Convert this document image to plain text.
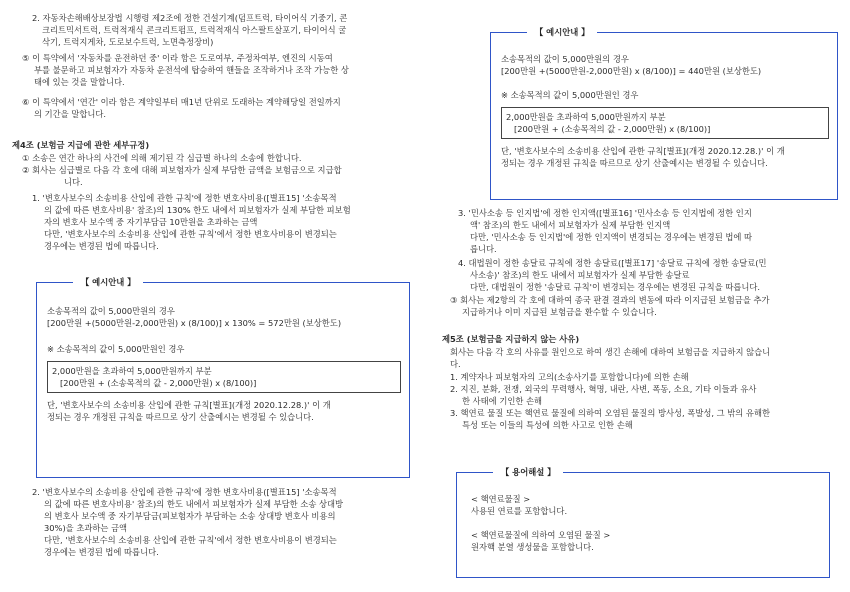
2. 자동차손해배상보장법 시행령 제2조에 정한 건설기계(덤프트럭, 타이어식 기중기, 콘

크리트믹서트럭, 트럭적재식 콘크리트펌프, 트럭적재식 아스팔트살포기, 타이어식 굴

삭기, 트럭지게차, 도로보수트럭, 노면측정장비)

⑤ 이 특약에서 '자동차를 운전하던 중' 이라 함은 도로여부, 주정차여부, 엔진의 시동여

부를 불문하고 피보험자가 자동차 운전석에 탑승하여 핸들을 조작하거나 조작 가능한 상

태에 있는 것을 말합니다.

⑥ 이 특약에서 '연간' 이라 함은 계약일부터 매1년 단위로 도래하는 계약해당일 전일까지

의 기간을 말합니다.

제4조 (보험금 지급에 관한 세부규정)

① 소송은 연간 하나의 사건에 의해 제기된 각 심급별 하나의 소송에 한합니다.

② 회사는 심급별로 다음 각 호에 대해 피보험자가 실제 부담한 금액을 보험금으로 지급합

니다.

1. '변호사보수의 소송비용 산입에 관한 규칙'에 정한 변호사비용([별표15] '소송목적

의 값에 따른 변호사비용' 참조)의 130% 한도 내에서 피보험자가 실제 부담한 피보험

자의 변호사 보수액 중 자기부담금 10만원을 초과하는 금액

다만, '변호사보수의 소송비용 산입에 관한 규칙'에서 정한 변호사비용이 변경되는

경우에는 변경된 법에 따릅니다.

【 예시안내 】

소송목적의 값이 5,000만원의 경우

[200만원 +(5000만원-2,000만원) x (8/100)] x 130% = 572만원 (보상한도)

※ 소송목적의 값이 5,000만원인 경우

2,000만원을 초과하여 5,000만원까지 부분

[200만원 + (소송목적의 값 - 2,000만원) x (8/100)]

단, '변호사보수의 소송비용 산입에 관한 규칙[별표](개정 2020.12.28.)' 이 개

정되는 경우 개정된 규칙을 따르므로 상기 산출예시는 변경될 수 있습니다.

2. '변호사보수의 소송비용 산입에 관한 규칙'에 정한 변호사비용([별표15] '소송목적

의 값에 따른 변호사비용' 참조)의 한도 내에서 피보험자가 실제 부담한 소송 상대방

의 변호사 보수액 중 자기부담금(피보험자가 부담하는 소송 상대방 변호사 비용의

30%)을 초과하는 금액

다만, '변호사보수의 소송비용 산입에 관한 규칙'에서 정한 변호사비용이 변경되는

경우에는 변경된 법에 따릅니다.

【 예시안내 】

소송목적의 값이 5,000만원의 경우

[200만원 +(5000만원-2,000만원) x (8/100)] = 440만원 (보상한도)

※ 소송목적의 값이 5,000만원인 경우

2,000만원을 초과하여 5,000만원까지 부분

[200만원 + (소송목적의 값 - 2,000만원) x (8/100)]

단, '변호사보수의 소송비용 산입에 관한 규칙[별표](개정 2020.12.28.)' 이 개

정되는 경우 개정된 규칙을 따르므로 상기 산출예시는 변경될 수 있습니다.

3. '민사소송 등 인지법'에 정한 인지액([별표16] '민사소송 등 인지법에 정한 인지

액' 참조)의 한도 내에서 피보험자가 실제 부담한 인지액

다만, '민사소송 등 인지법'에 정한 인지액이 변경되는 경우에는 변경된 법에 따

릅니다.

4. 대법원이 정한 송달료 규칙에 정한 송달료([별표17] '송달료 규칙에 정한 송달료(민

사소송)' 참조)의 한도 내에서 피보험자가 실제 부담한 송달료

다만, 대법원이 정한 '송달료 규칙'이 변경되는 경우에는 변경된 규칙을 따릅니다.

③ 회사는 제2항의 각 호에 대하여 종국 판결 결과의 변동에 따라 이지급된 보험금을 추가

지급하거나 이미 지급된 보험금을 환수할 수 있습니다.

제5조 (보험금을 지급하지 않는 사유)

회사는 다음 각 호의 사유를 원인으로 하여 생긴 손해에 대하여 보험금을 지급하지 않습니

다.

1. 계약자나 피보험자의 고의(소송사기를 포함합니다)에 의한 손해

2. 지진, 분화, 전쟁, 외국의 무력행사, 혁명, 내란, 사변, 폭동, 소요, 기타 이들과 유사

한 사태에 기인한 손해

3. 핵연료 물질 또는 핵연료 물질에 의하여 오염된 물질의 방사성, 폭발성, 그 밖의 유해한

특성 또는 이들의 특성에 의한 사고로 인한 손해

【 용어해설 】

< 핵연료물질 >

사용된 연료를 포함합니다.

< 핵연료물질에 의하여 오염된 물질 >

원자핵 분열 생성물을 포함합니다.
